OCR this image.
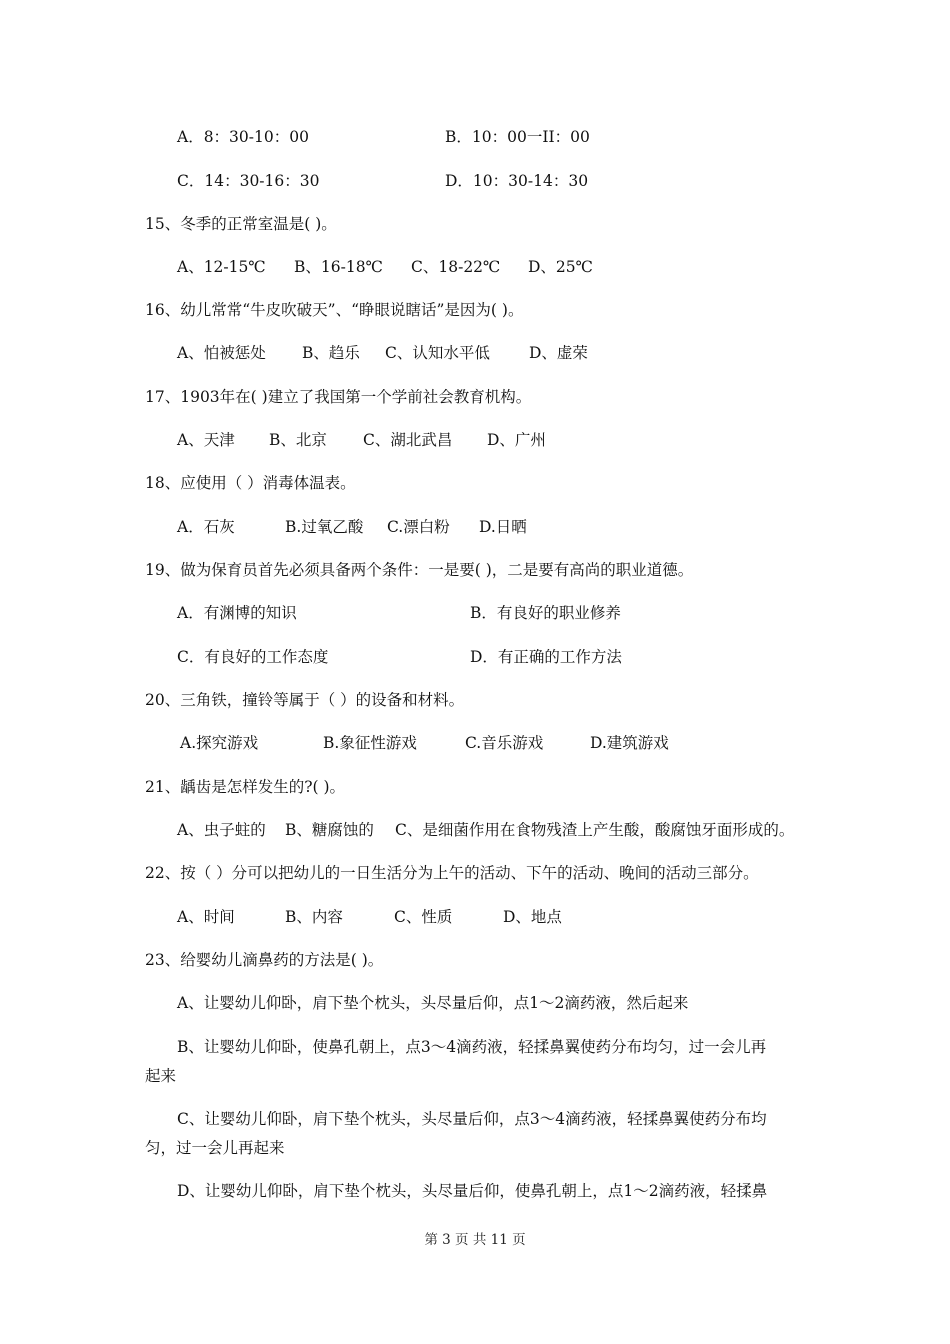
A．8：30-10：00	B．10：00一II：00
C．14：30-16：30	D．10：30-14：30
15、冬季的正常室温是( )。
A、12-15℃ B、16-18℃ C、18-22℃ D、25℃
16、幼儿常常“牛皮吹破天”、“睁眼说瞎话”是因为( )。
A、怕被惩处 B、趋乐 C、认知水平低	D、虚荣
17、1903年在( )建立了我国第一个学前社会教育机构。
A、天津 B、北京 C、湖北武昌 D、广州
18、应使用（ ）消毒体温表。
A．石灰	B.过氧乙酸 C.漂白粉 D.日晒
19、做为保育员首先必须具备两个条件：一是要( )，二是要有高尚的职业道德。
A．有渊博的知识	B．有良好的职业修养
C．有良好的工作态度	D．有正确的工作方法
20、三角铁，撞铃等属于（ ）的设备和材料。
A.探究游戏	B.象征性游戏	C.音乐游戏	D.建筑游戏
21、龋齿是怎样发生的?( )。
A、虫子蛀的 B、糖腐蚀的 C、是细菌作用在食物残渣上产生酸，酸腐蚀牙面形成的。
22、按（ ）分可以把幼儿的一日生活分为上午的活动、下午的活动、晚间的活动三部分。
A、时间	B、内容	C、性质	D、地点
23、给婴幼儿滴鼻药的方法是( )。
A、让婴幼儿仰卧，肩下垫个枕头，头尽量后仰，点1～2滴药液，然后起来
B、让婴幼儿仰卧，使鼻孔朝上，点3～4滴药液，轻揉鼻翼使药分布均匀，过一会儿再
起来
C、让婴幼儿仰卧，肩下垫个枕头，头尽量后仰，点3～4滴药液，轻揉鼻翼使药分布均
匀，过一会儿再起来
D、让婴幼儿仰卧，肩下垫个枕头，头尽量后仰，使鼻孔朝上，点1～2滴药液，轻揉鼻
第 3 页 共 11 页
